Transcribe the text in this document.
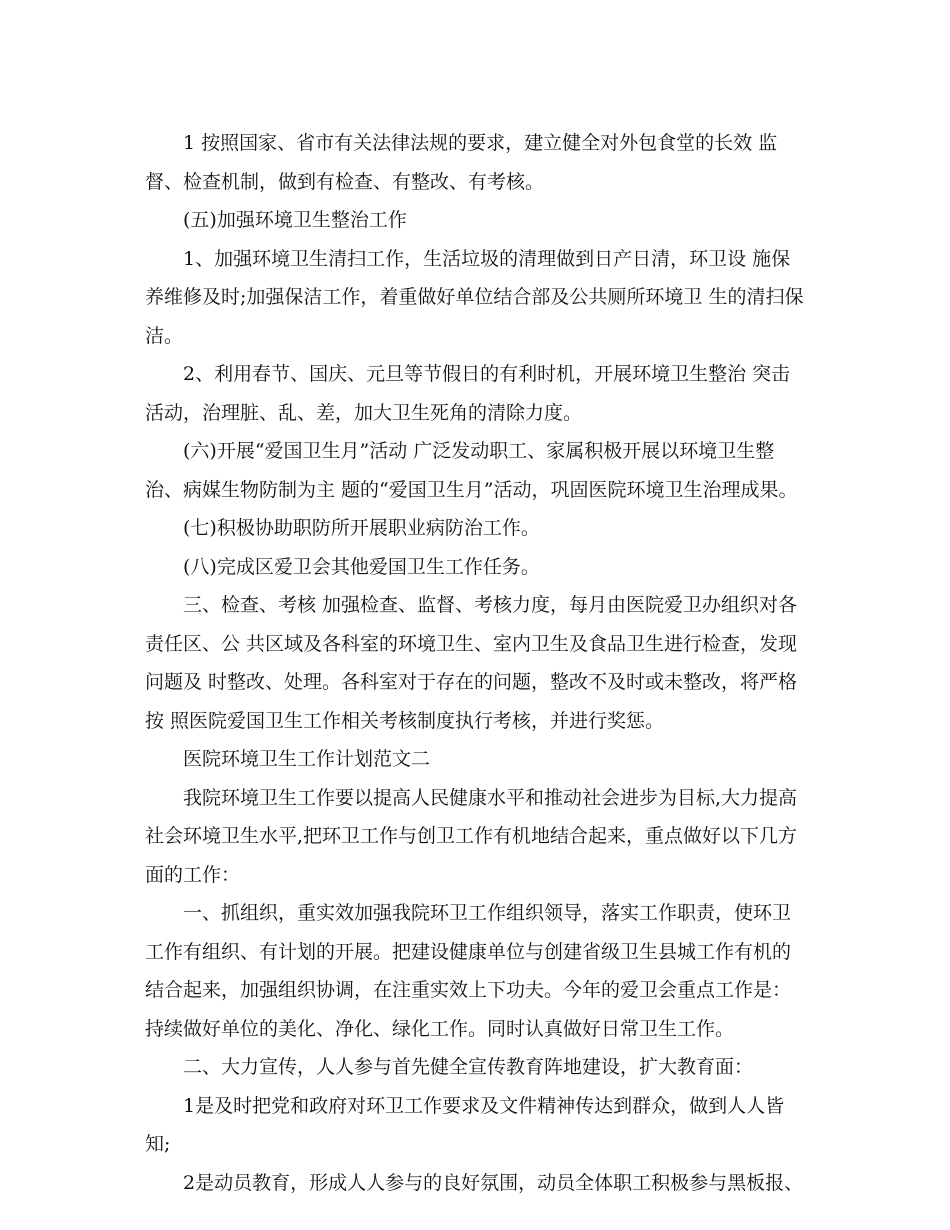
1 按照国家、省市有关法律法规的要求，建立健全对外包食堂的长效 监督、检查机制，做到有检查、有整改、有考核。

(五)加强环境卫生整治工作

1、加强环境卫生清扫工作，生活垃圾的清理做到日产日清，环卫设 施保养维修及时;加强保洁工作，着重做好单位结合部及公共厕所环境卫 生的清扫保洁。

2、利用春节、国庆、元旦等节假日的有利时机，开展环境卫生整治 突击活动，治理脏、乱、差，加大卫生死角的清除力度。

(六)开展“爱国卫生月”活动 广泛发动职工、家属积极开展以环境卫生整治、病媒生物防制为主 题的“爱国卫生月”活动，巩固医院环境卫生治理成果。

(七)积极协助职防所开展职业病防治工作。

(八)完成区爱卫会其他爱国卫生工作任务。

三、检查、考核 加强检查、监督、考核力度，每月由医院爱卫办组织对各责任区、公 共区域及各科室的环境卫生、室内卫生及食品卫生进行检查，发现问题及 时整改、处理。各科室对于存在的问题，整改不及时或未整改，将严格按 照医院爱国卫生工作相关考核制度执行考核，并进行奖惩。

医院环境卫生工作计划范文二

我院环境卫生工作要以提高人民健康水平和推动社会进步为目标,大力提高社会环境卫生水平,把环卫工作与创卫工作有机地结合起来，重点做好以下几方面的工作：

一、抓组织，重实效加强我院环卫工作组织领导，落实工作职责，使环卫工作有组织、有计划的开展。把建设健康单位与创建省级卫生县城工作有机的结合起来，加强组织协调，在注重实效上下功夫。今年的爱卫会重点工作是：持续做好单位的美化、净化、绿化工作。同时认真做好日常卫生工作。

二、大力宣传，人人参与首先健全宣传教育阵地建设，扩大教育面：

1是及时把党和政府对环卫工作要求及文件精神传达到群众，做到人人皆知;

2是动员教育，形成人人参与的良好氛围，动员全体职工积极参与黑板报、
